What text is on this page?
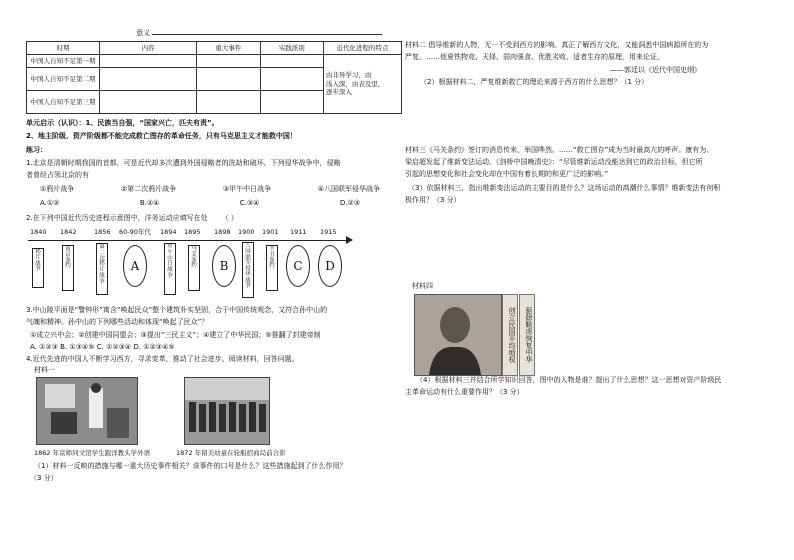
意义
时期	内容	重大事件	实践派别	近代化进程的特点
中国人自知不足第一期				由非异学习，由
浅入深，由表及里，
逐步深入

中国人自知不足第二期				
中国人自知不足第三期				
单元启示（认识）：1、民族当自强，“国家兴亡，匹夫有责”。
2、地主阶级、资产阶级都不能完成救亡图存的革命任务，只有马克思主义才能救中国！
练习：
1.北京是清朝时期我国的首都，可是近代却多次遭到外国侵略者的洗劫和破坏。下列侵华战争中，侵略
者曾经占领北京的有
①鸦片战争	②第二次鸦片战争	③甲午中日战争	④八国联军侵华战争
A.①②	B.②④	C.③④	D.②③
2.在下列中国近代历史进程示意图中，洋务运动应填写在处 （ ）
1840 1842	1856 60-90年代 1894 1895 1898 1900 1901 1911 1915
鸦片战争
南京条约
第二次鸦片战争
A
甲午中日战争
马关条约	B
八国联军侵华战争
辛丑条约	C	D
3.中山陵平面是“警钟形”寓含“唤起民众”整个建筑朴实坚固，合于中国传统观念，又符合孙中山的
气魄和精神。孙中山的下列哪些活动和体现“唤起了民众”？
①成立兴中会；②创建中国同盟会；③提出“三民主义”；④建立了中华民国；⑤推翻了封建帝制
A. ①②③ B. ①③④⑤ C. ①②③④ D. ①②③④⑤
4.近代先进的中国人不断学习西方，寻求变革，推动了社会进步。阅读材料，回答问题。
材料一
1862 年京师同文馆学生跟洋教头学外语	1872 年留美幼童在轮船招商局前合影
（1）材料一反映的措施与哪一重大历史事件相关？该事件的口号是什么？这些措施起到了什么作用？
（3 分）
材料二 倡导维新的人物，无一不受到西方的影响。真正了解西方文化，又能洞悉中国病源所在的为
严复。……他夏铁物竞、天择、弱肉强食、优胜劣败、适者生存的原理，用来论证。
——郭廷以《近代中国史纲》
（2）根据材料二，严复维新救亡的理论来源于西方的什么思想？（1 分）
材料三《马关条约》签订的消息传来，举国哗然。……“救亡图存”成为当时最高亢的呼声。康有为、
梁启超发起了维新变法运动。《剑桥中国晚清史》：“尽管维新运动没能达到它的政治目标，但它所
引起的思想变化和社会变化却在中国有着长期的和更广泛的影响。”
（3）依据材料三，指出维新变法运动的主要目的是什么？这场运动的高潮什么事情？维新变法有何积
极作用？（3 分）
材料四
创立民国平均地权	驱除鞑虏恢复中华
（4）根据材料三并结合所学知识回答，图中的人物是谁？提出了什么思想？这一思想对资产阶级民
主革命运动有什么重要作用？（3 分）
